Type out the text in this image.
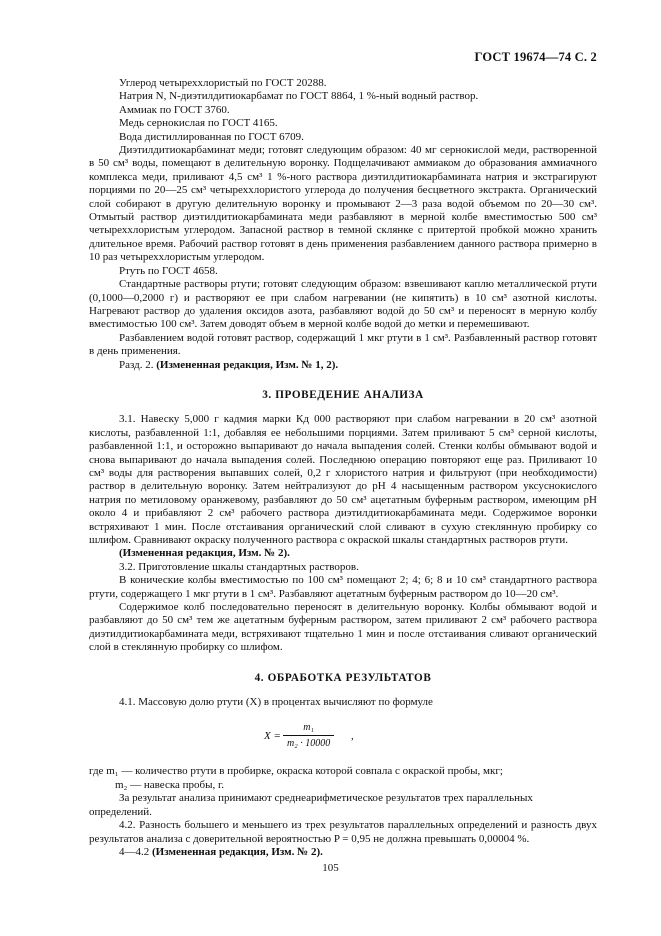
ГОСТ 19674—74 С. 2

Углерод четыреххлористый по ГОСТ 20288.

Натрия N, N-диэтилдитиокарбамат по ГОСТ 8864, 1 %-ный водный раствор.

Аммиак по ГОСТ 3760.

Медь сернокислая по ГОСТ 4165.

Вода дистиллированная по ГОСТ 6709.

Диэтилдитиокарбаминат меди; готовят следующим образом: 40 мг сернокислой меди, растворенной в 50 см³ воды, помещают в делительную воронку. Подщелачивают аммиаком до образования аммиачного комплекса меди, приливают 4,5 см³ 1 %-ного раствора диэтилдитиокарбамината натрия и экстрагируют порциями по 20—25 см³ четыреххлористого углерода до получения бесцветного экстракта. Органический слой собирают в другую делительную воронку и промывают 2—3 раза водой объемом по 20—30 см³. Отмытый раствор диэтилдитиокарбамината меди разбавляют в мерной колбе вместимостью 500 см³ четыреххлористым углеродом. Запасной раствор в темной склянке с притертой пробкой можно хранить длительное время. Рабочий раствор готовят в день применения разбавлением данного раствора примерно в 10 раз четыреххлористым углеродом.

Ртуть по ГОСТ 4658.

Стандартные растворы ртути; готовят следующим образом: взвешивают каплю металлической ртути (0,1000—0,2000 г) и растворяют ее при слабом нагревании (не кипятить) в 10 см³ азотной кислоты. Нагревают раствор до удаления оксидов азота, разбавляют водой до 50 см³ и переносят в мерную колбу вместимостью 100 см³. Затем доводят объем в мерной колбе водой до метки и перемешивают.

Разбавлением водой готовят раствор, содержащий 1 мкг ртути в 1 см³. Разбавленный раствор готовят в день применения.

Разд. 2. (Измененная редакция, Изм. № 1, 2).

3. ПРОВЕДЕНИЕ АНАЛИЗА

3.1. Навеску 5,000 г кадмия марки Кд 000 растворяют при слабом нагревании в 20 см³ азотной кислоты, разбавленной 1:1, добавляя ее небольшими порциями. Затем приливают 5 см³ серной кислоты, разбавленной 1:1, и осторожно выпаривают до начала выпадения солей. Стенки колбы обмывают водой и снова выпаривают до начала выпадения солей. Последнюю операцию повторяют еще раз. Приливают 10 см³ воды для растворения выпавших солей, 0,2 г хлористого натрия и фильтруют (при необходимости) раствор в делительную воронку. Затем нейтрализуют до pH 4 насыщенным раствором уксуснокислого натрия по метиловому оранжевому, разбавляют до 50 см³ ацетатным буферным раствором, имеющим pH около 4 и прибавляют 2 см³ рабочего раствора диэтилдитиокарбамината меди. Содержимое воронки встряхивают 1 мин. После отстаивания органический слой сливают в сухую стеклянную пробирку со шлифом. Сравнивают окраску полученного раствора с окраской шкалы стандартных растворов ртути.

(Измененная редакция, Изм. № 2).

3.2. Приготовление шкалы стандартных растворов.

В конические колбы вместимостью по 100 см³ помещают 2; 4; 6; 8 и 10 см³ стандартного раствора ртути, содержащего 1 мкг ртути в 1 см³. Разбавляют ацетатным буферным раствором до 10—20 см³.

Содержимое колб последовательно переносят в делительную воронку. Колбы обмывают водой и разбавляют до 50 см³ тем же ацетатным буферным раствором, затем приливают 2 см³ рабочего раствора диэтилдитиокарбамината меди, встряхивают тщательно 1 мин и после отстаивания сливают органический слой в стеклянную пробирку со шлифом.

4. ОБРАБОТКА РЕЗУЛЬТАТОВ

4.1. Массовую долю ртути (X) в процентах вычисляют по формуле

$X = \frac{\text{m₁}}{\text{m₂ · 10000}}$ ,

где m₁ — количество ртути в пробирке, окраска которой совпала с окраской пробы, мкг;

m₂ — навеска пробы, г.

За результат анализа принимают среднеарифметическое результатов трех параллельных определений.

4.2. Разность большего и меньшего из трех результатов параллельных определений и разность двух результатов анализа с доверительной вероятностью P = 0,95 не должна превышать 0,00004 %.

4—4.2 (Измененная редакция, Изм. № 2).

105
